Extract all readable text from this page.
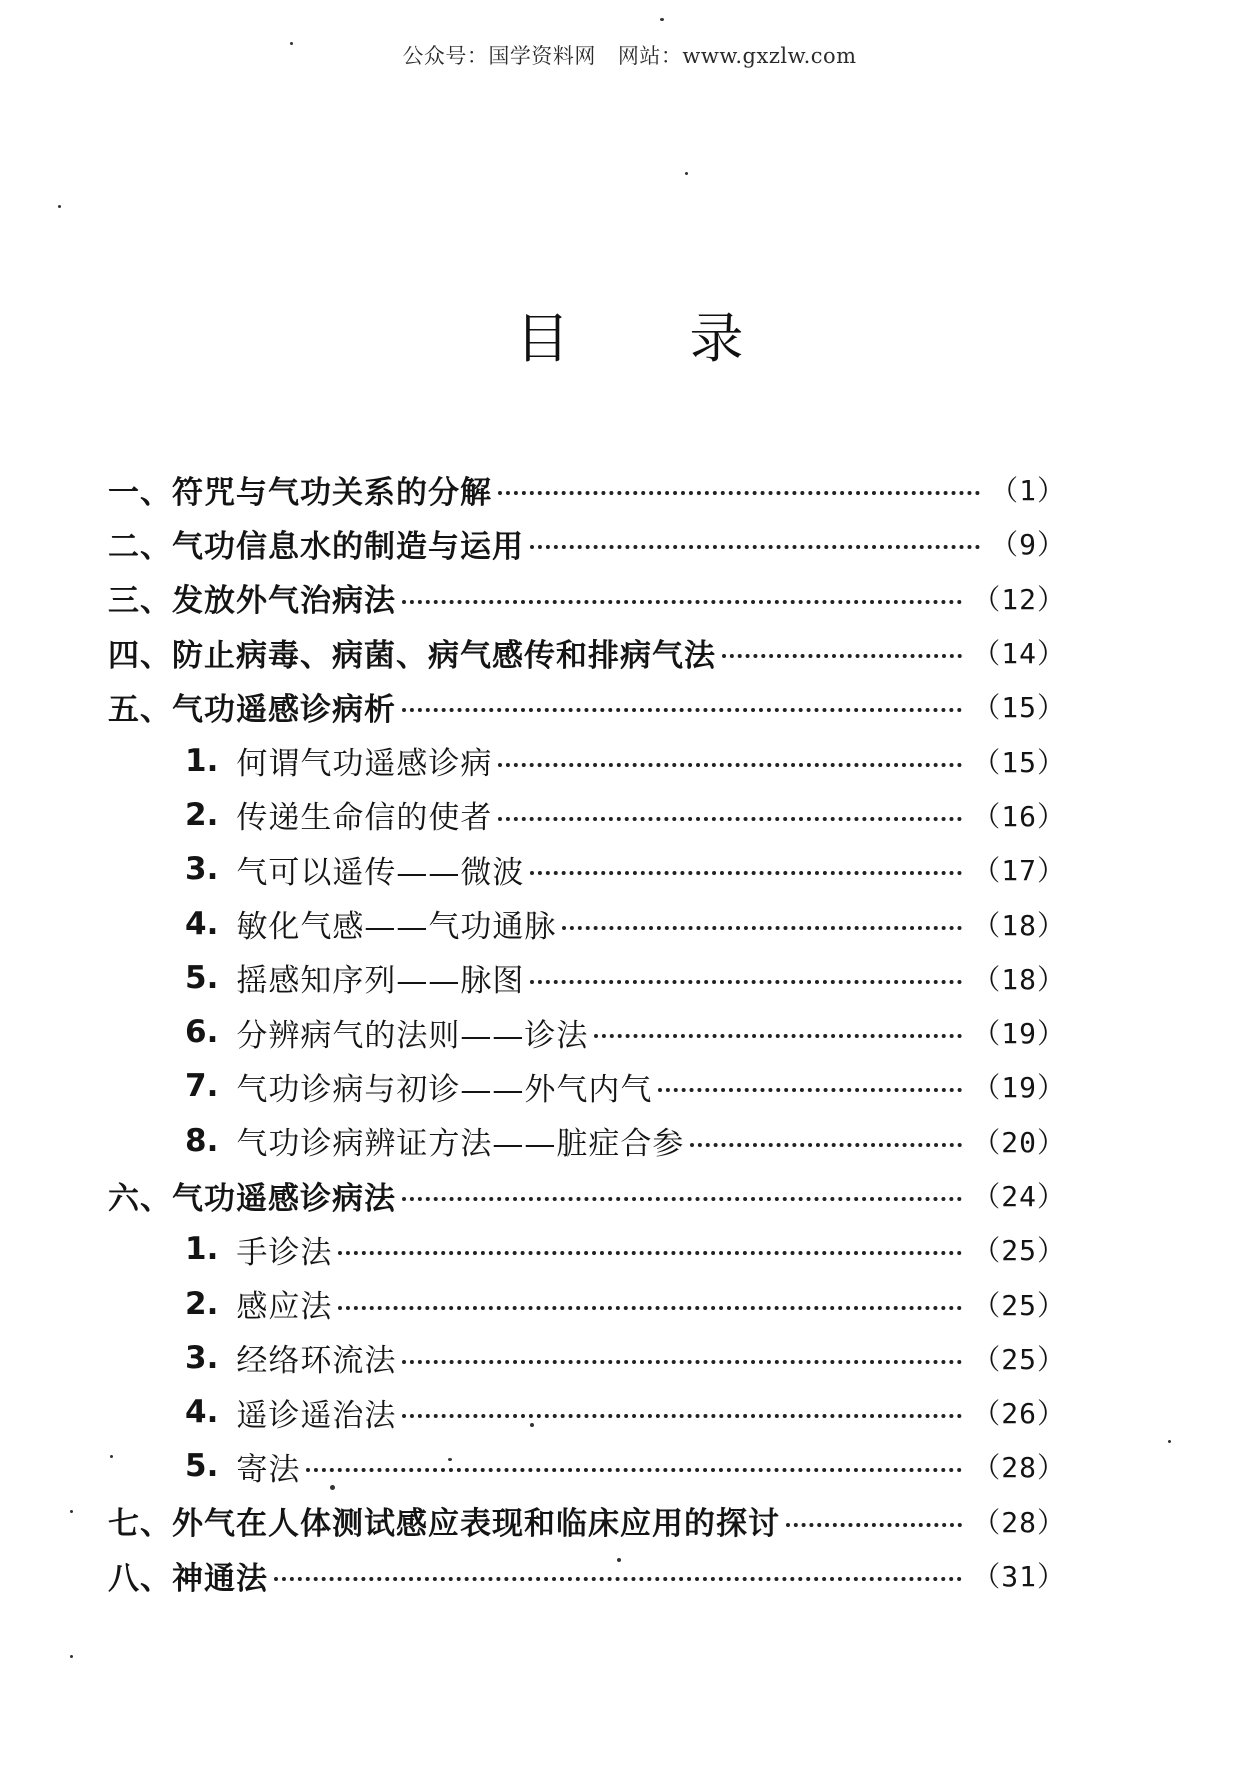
公众号：国学资料网 网站：www.gxzlw.com
目 录
一、符咒与气功关系的分解	（1）
二、气功信息水的制造与运用	（9）
三、发放外气治病法	（12）
四、防止病毒、病菌、病气感传和排病气法	（14）
五、气功遥感诊病析	（15）
1. 何谓气功遥感诊病	（15）
2. 传递生命信的使者	（16）
3. 气可以遥传——微波	（17）
4. 敏化气感——气功通脉	（18）
5. 摇感知序列——脉图	（18）
6. 分辨病气的法则——诊法	（19）
7. 气功诊病与初诊——外气内气	（19）
8. 气功诊病辨证方法——脏症合参	（20）
六、气功遥感诊病法	（24）
1. 手诊法	（25）
2. 感应法	（25）
3. 经络环流法	（25）
4. 遥诊遥治法	（26）
5. 寄法	（28）
七、外气在人体测试感应表现和临床应用的探讨	（28）
八、神通法	（31）
